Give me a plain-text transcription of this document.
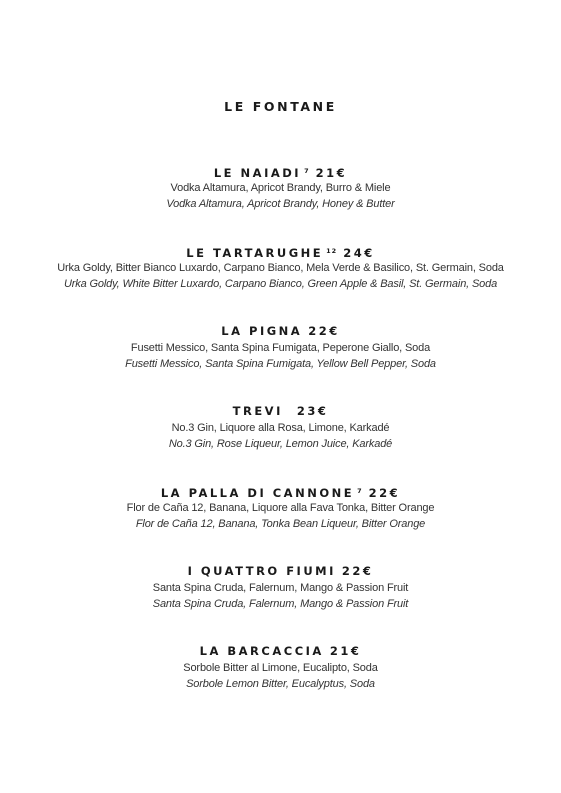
LE FONTANE
LE NAIADI $^7$ 21€
Vodka Altamura, Apricot Brandy, Burro & Miele
Vodka Altamura, Apricot Brandy, Honey & Butter
LE TARTARUGHE $^{12}$ 24€
Urka Goldy, Bitter Bianco Luxardo, Carpano Bianco, Mela Verde & Basilico, St. Germain, Soda
Urka Goldy, White Bitter Luxardo, Carpano Bianco, Green Apple & Basil, St. Germain, Soda
LA PIGNA 22€
Fusetti Messico, Santa Spina Fumigata, Peperone Giallo, Soda
Fusetti Messico, Santa Spina Fumigata, Yellow Bell Pepper, Soda
TREVI 23€
No.3 Gin, Liquore alla Rosa, Limone, Karkadé
No.3 Gin, Rose Liqueur, Lemon Juice, Karkadé
LA PALLA DI CANNONE $^7$ 22€
Flor de Caña 12, Banana, Liquore alla Fava Tonka, Bitter Orange
Flor de Caña 12, Banana, Tonka Bean Liqueur, Bitter Orange
I QUATTRO FIUMI 22€
Santa Spina Cruda, Falernum, Mango & Passion Fruit
Santa Spina Cruda, Falernum, Mango & Passion Fruit
LA BARCACCIA 21€
Sorbole Bitter al Limone, Eucalipto, Soda
Sorbole Lemon Bitter, Eucalyptus, Soda
